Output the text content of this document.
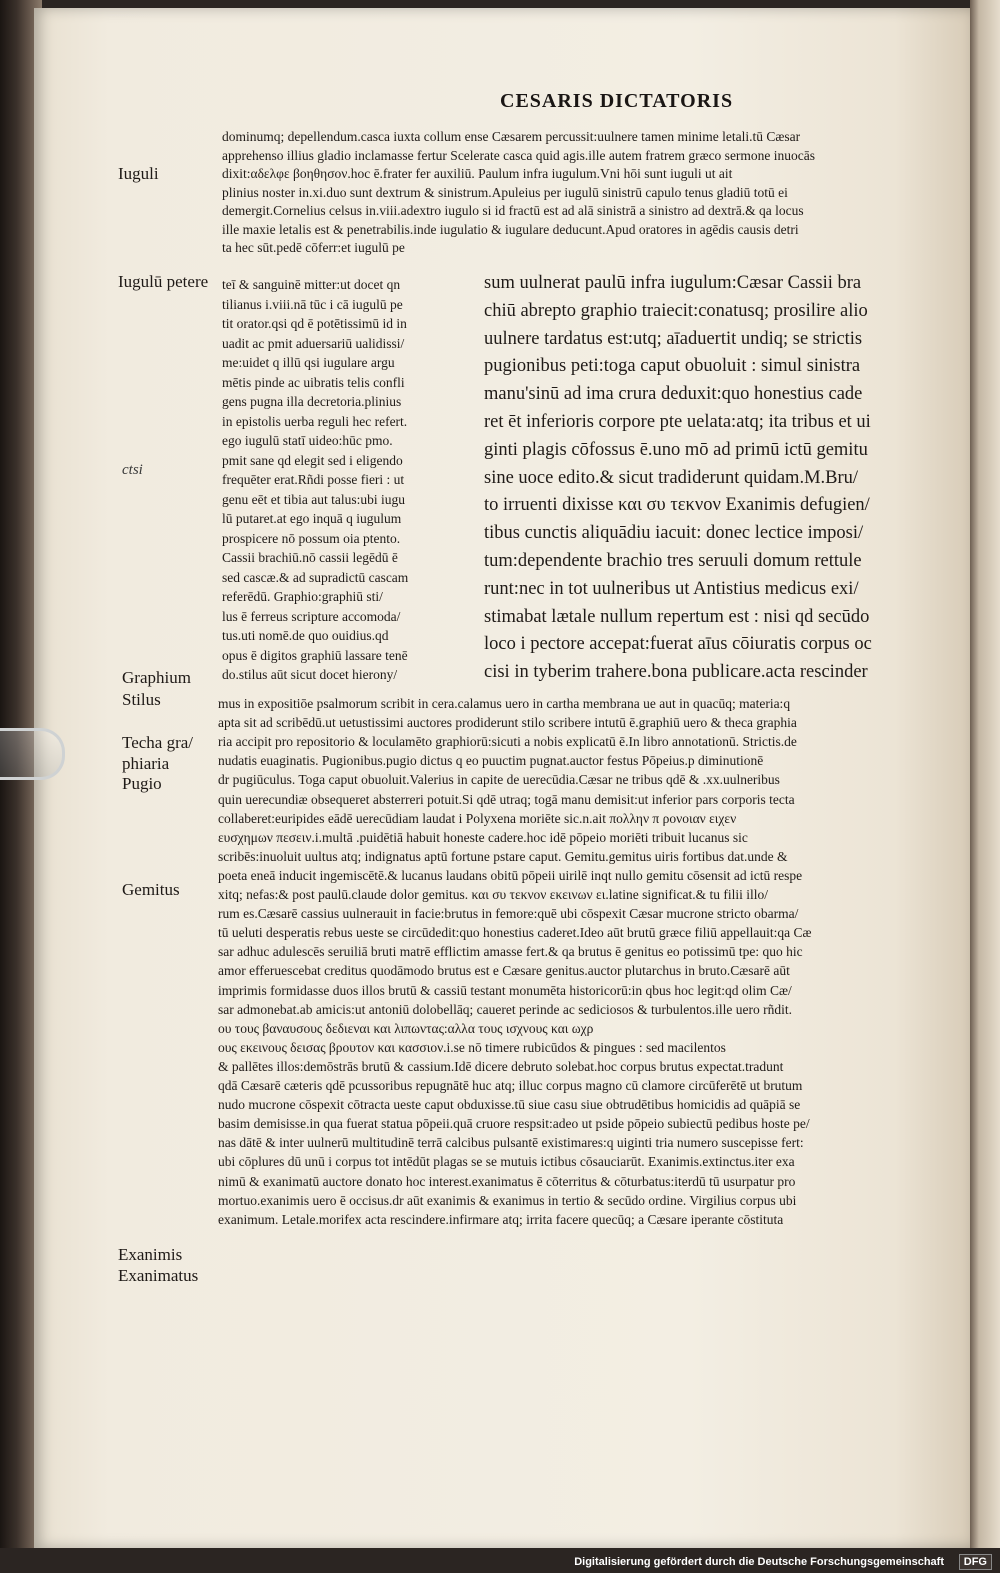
CESARIS DICTATORIS
Iuguli
Iugulū petere
ctsi
Graphium
Stilus
Techa gra/
phiaria
Pugio
Gemitus
Exanimis
Exanimatus
dominumq; depellendum.casca iuxta collum ense Cæsarem percussit:uulnere tamen minime letali.tū Cæsar
apprehenso illius gladio inclamasse fertur Scelerate casca quid agis.ille autem fratrem græco sermone inuocās
dixit:αδελφε βοηθησον.hoc ē.frater fer auxiliū. Paulum infra iugulum.Vni hōi sunt iuguli ut ait
plinius noster in.xi.duo sunt dextrum & sinistrum.Apuleius per iugulū sinistrū capulo tenus gladiū totū ei
demergit.Cornelius celsus in.viii.adextro iugulo si id fractū est ad alā sinistrā a sinistro ad dextrā.& qa locus
ille maxie letalis est & penetrabilis.inde iugulatio & iugulare deducunt.Apud oratores in agēdis causis detri
ta hec sūt.pedē cōferr:et iugulū pe
teī & sanguinē mitter:ut docet qn
tilianus i.viii.nā tūc i cā iugulū pe
tit orator.qsi qd ē potētissimū id in
uadit ac pmit aduersariū ualidissi/
me:uidet q illū qsi iugulare argu
mētis pinde ac uibratis telis confli
gens pugna illa decretoria.plinius
in epistolis uerba reguli hec refert.
ego iugulū statī uideo:hūc pmo.
pmit sane qd elegit sed i eligendo
frequēter erat.Rñdi posse fieri : ut
genu eēt et tibia aut talus:ubi iugu
lū putaret.at ego inquā q iugulum
prospicere nō possum oia ptento.
Cassii brachiū.nō cassii legēdū ē
sed cascæ.& ad supradictū cascam
referēdū. Graphio:graphiū sti/
lus ē ferreus scripture accomoda/
tus.uti nomē.de quo ouidius.qd
opus ē digitos graphiū lassare tenē
do.stilus aūt sicut docet hierony/
sum uulnerat paulū infra iugulum:Cæsar Cassii bra
chiū abrepto graphio traiecit:conatusq; prosilire alio
uulnere tardatus est:utq; aīaduertit undiq; se strictis
pugionibus peti:toga caput obuoluit : simul sinistra
manu'sinū ad ima crura deduxit:quo honestius cade
ret ēt inferioris corpore pte uelata:atq; ita tribus et ui
ginti plagis cōfossus ē.uno mō ad primū ictū gemitu
sine uoce edito.& sicut tradiderunt quidam.M.Bru/
to irruenti dixisse και συ τεκνον Exanimis defugien/
tibus cunctis aliquādiu iacuit: donec lectice imposi/
tum:dependente brachio tres seruuli domum rettule
runt:nec in tot uulneribus ut Antistius medicus exi/
stimabat lætale nullum repertum est : nisi qd secūdo
loco i pectore accepat:fuerat aīus cōiuratis corpus oc
cisi in tyberim trahere.bona publicare.acta rescinder
mus in expositiōe psalmorum scribit in cera.calamus uero in cartha membrana ue aut in quacūq; materia:q
apta sit ad scribēdū.ut uetustissimi auctores prodiderunt stilo scribere intutū ē.graphiū uero & theca graphia
ria accipit pro repositorio & loculamēto graphiorū:sicuti a nobis explicatū ē.In libro annotationū. Strictis.de
nudatis euaginatis. Pugionibus.pugio dictus q eo puuctim pugnat.auctor festus Pōpeius.p diminutionē
dr pugiūculus. Toga caput obuoluit.Valerius in capite de uerecūdia.Cæsar ne tribus qdē & .xx.uulneribus
quin uerecundiæ obsequeret absterreri potuit.Si qdē utraq; togā manu demisit:ut inferior pars corporis tecta
collaberet:euripides eādē uerecūdiam laudat i Polyxena moriēte sic.n.ait πολλην π ρονοιαν ειχεν
ευσχημων πεσειν.i.multā .puidētiā habuit honeste cadere.hoc idē pōpeio moriēti tribuit lucanus sic
scribēs:inuoluit uultus atq; indignatus aptū fortune pstare caput. Gemitu.gemitus uiris fortibus dat.unde &
poeta eneā inducit ingemiscētē.& lucanus laudans obitū pōpeii uirilē inqt nullo gemitu cōsensit ad ictū respe
xitq; nefas:& post paulū.claude dolor gemitus. και συ τεκνον εκεινων ει.latine significat.& tu filii illo/
rum es.Cæsarē cassius uulnerauit in facie:brutus in femore:quē ubi cōspexit Cæsar mucrone stricto obarma/
tū ueluti desperatis rebus ueste se circūdedit:quo honestius caderet.Ideo aūt brutū græce filiū appellauit:qa Cæ
sar adhuc adulescēs seruiliā bruti matrē efflictim amasse fert.& qa brutus ē genitus eo potissimū tpe: quo hic
amor efferuescebat creditus quodāmodo brutus est e Cæsare genitus.auctor plutarchus in bruto.Cæsarē aūt
imprimis formidasse duos illos brutū & cassiū testant monumēta historicorū:in qbus hoc legit:qd olim Cæ/
sar admonebat.ab amicis:ut antoniū dolobellāq; caueret perinde ac sediciosos & turbulentos.ille uero rñdit.
ου τους βαναυσους δεδιεναι και λιπωντας:αλλα τους ισχνους και ωχρ
ους εκεινους δεισας βρουτον και κασσιον.i.se nō timere rubicūdos & pingues : sed macilentos
& pallētes illos:demōstrās brutū & cassium.Idē dicere debruto solebat.hoc corpus brutus expectat.tradunt
qdā Cæsarē cæteris qdē pcussoribus repugnātē huc atq; illuc corpus magno cū clamore circūferētē ut brutum
nudo mucrone cōspexit cōtracta ueste caput obduxisse.tū siue casu siue obtrudētibus homicidis ad quāpiā se
basim demisisse.in qua fuerat statua pōpeii.quā cruore respsit:adeo ut pside pōpeio subiectū pedibus hoste pe/
nas dātē & inter uulnerū multitudinē terrā calcibus pulsantē existimares:q uiginti tria numero suscepisse fert:
ubi cōplures dū unū i corpus tot intēdūt plagas se se mutuis ictibus cōsauciarūt. Exanimis.extinctus.iter exa
nimū & exanimatū auctore donato hoc interest.exanimatus ē cōterritus & cōturbatus:iterdū tū usurpatur pro
mortuo.exanimis uero ē occisus.dr aūt exanimis & exanimus in tertio & secūdo ordine. Virgilius corpus ubi
exanimum. Letale.morifex acta rescindere.infirmare atq; irrita facere quecūq; a Cæsare iperante cōstituta
Digitalisierung gefördert durch die Deutsche Forschungsgemeinschaft	DFG
